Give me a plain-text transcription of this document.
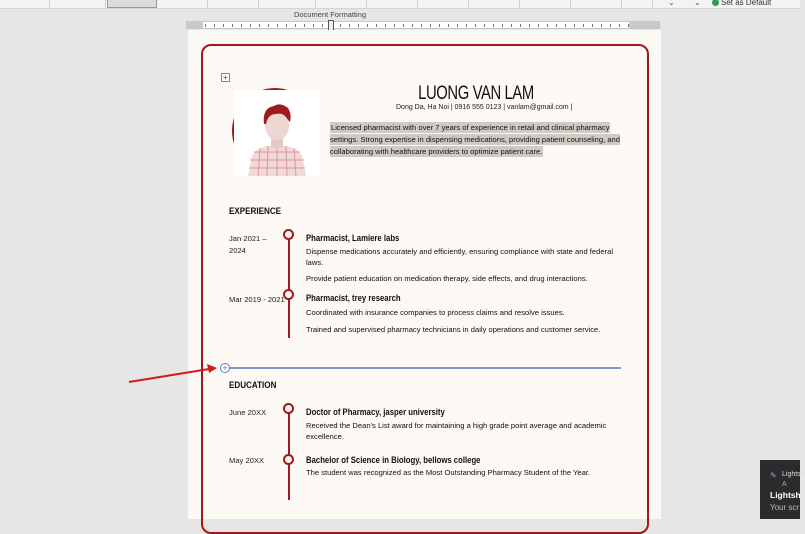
⌄ ⌄	Set as Default
Document Formatting
+
LUONG VAN LAM
Dong Da, Ha Noi | 0916 555 0123 | vanlam@gmail.com |
Licensed pharmacist with over 7 years of experience in retail and clinical pharmacy settings. Strong expertise in dispensing medications, providing patient counseling, and collaborating with healthcare providers to optimize patient care.
EXPERIENCE
Jan 2021 – 2024
Pharmacist, Lamiere labs
Dispense medications accurately and efficiently, ensuring compliance with state and federal laws.
Provide patient education on medication therapy, side effects, and drug interactions.
Mar 2019 - 2021 Pharmacist, trey research
Coordinated with insurance companies to process claims and resolve issues.
Trained and supervised pharmacy technicians in daily operations and customer service.
+
EDUCATION
June 20XX	Doctor of Pharmacy, jasper university
Received the Dean's List award for maintaining a high grade point average and academic excellence.
May 20XX	Bachelor of Science in Biology, bellows college
The student was recognized as the Most Outstanding Pharmacy Student of the Year.	✎ Lightsh
A
Lightsh
Your scr
